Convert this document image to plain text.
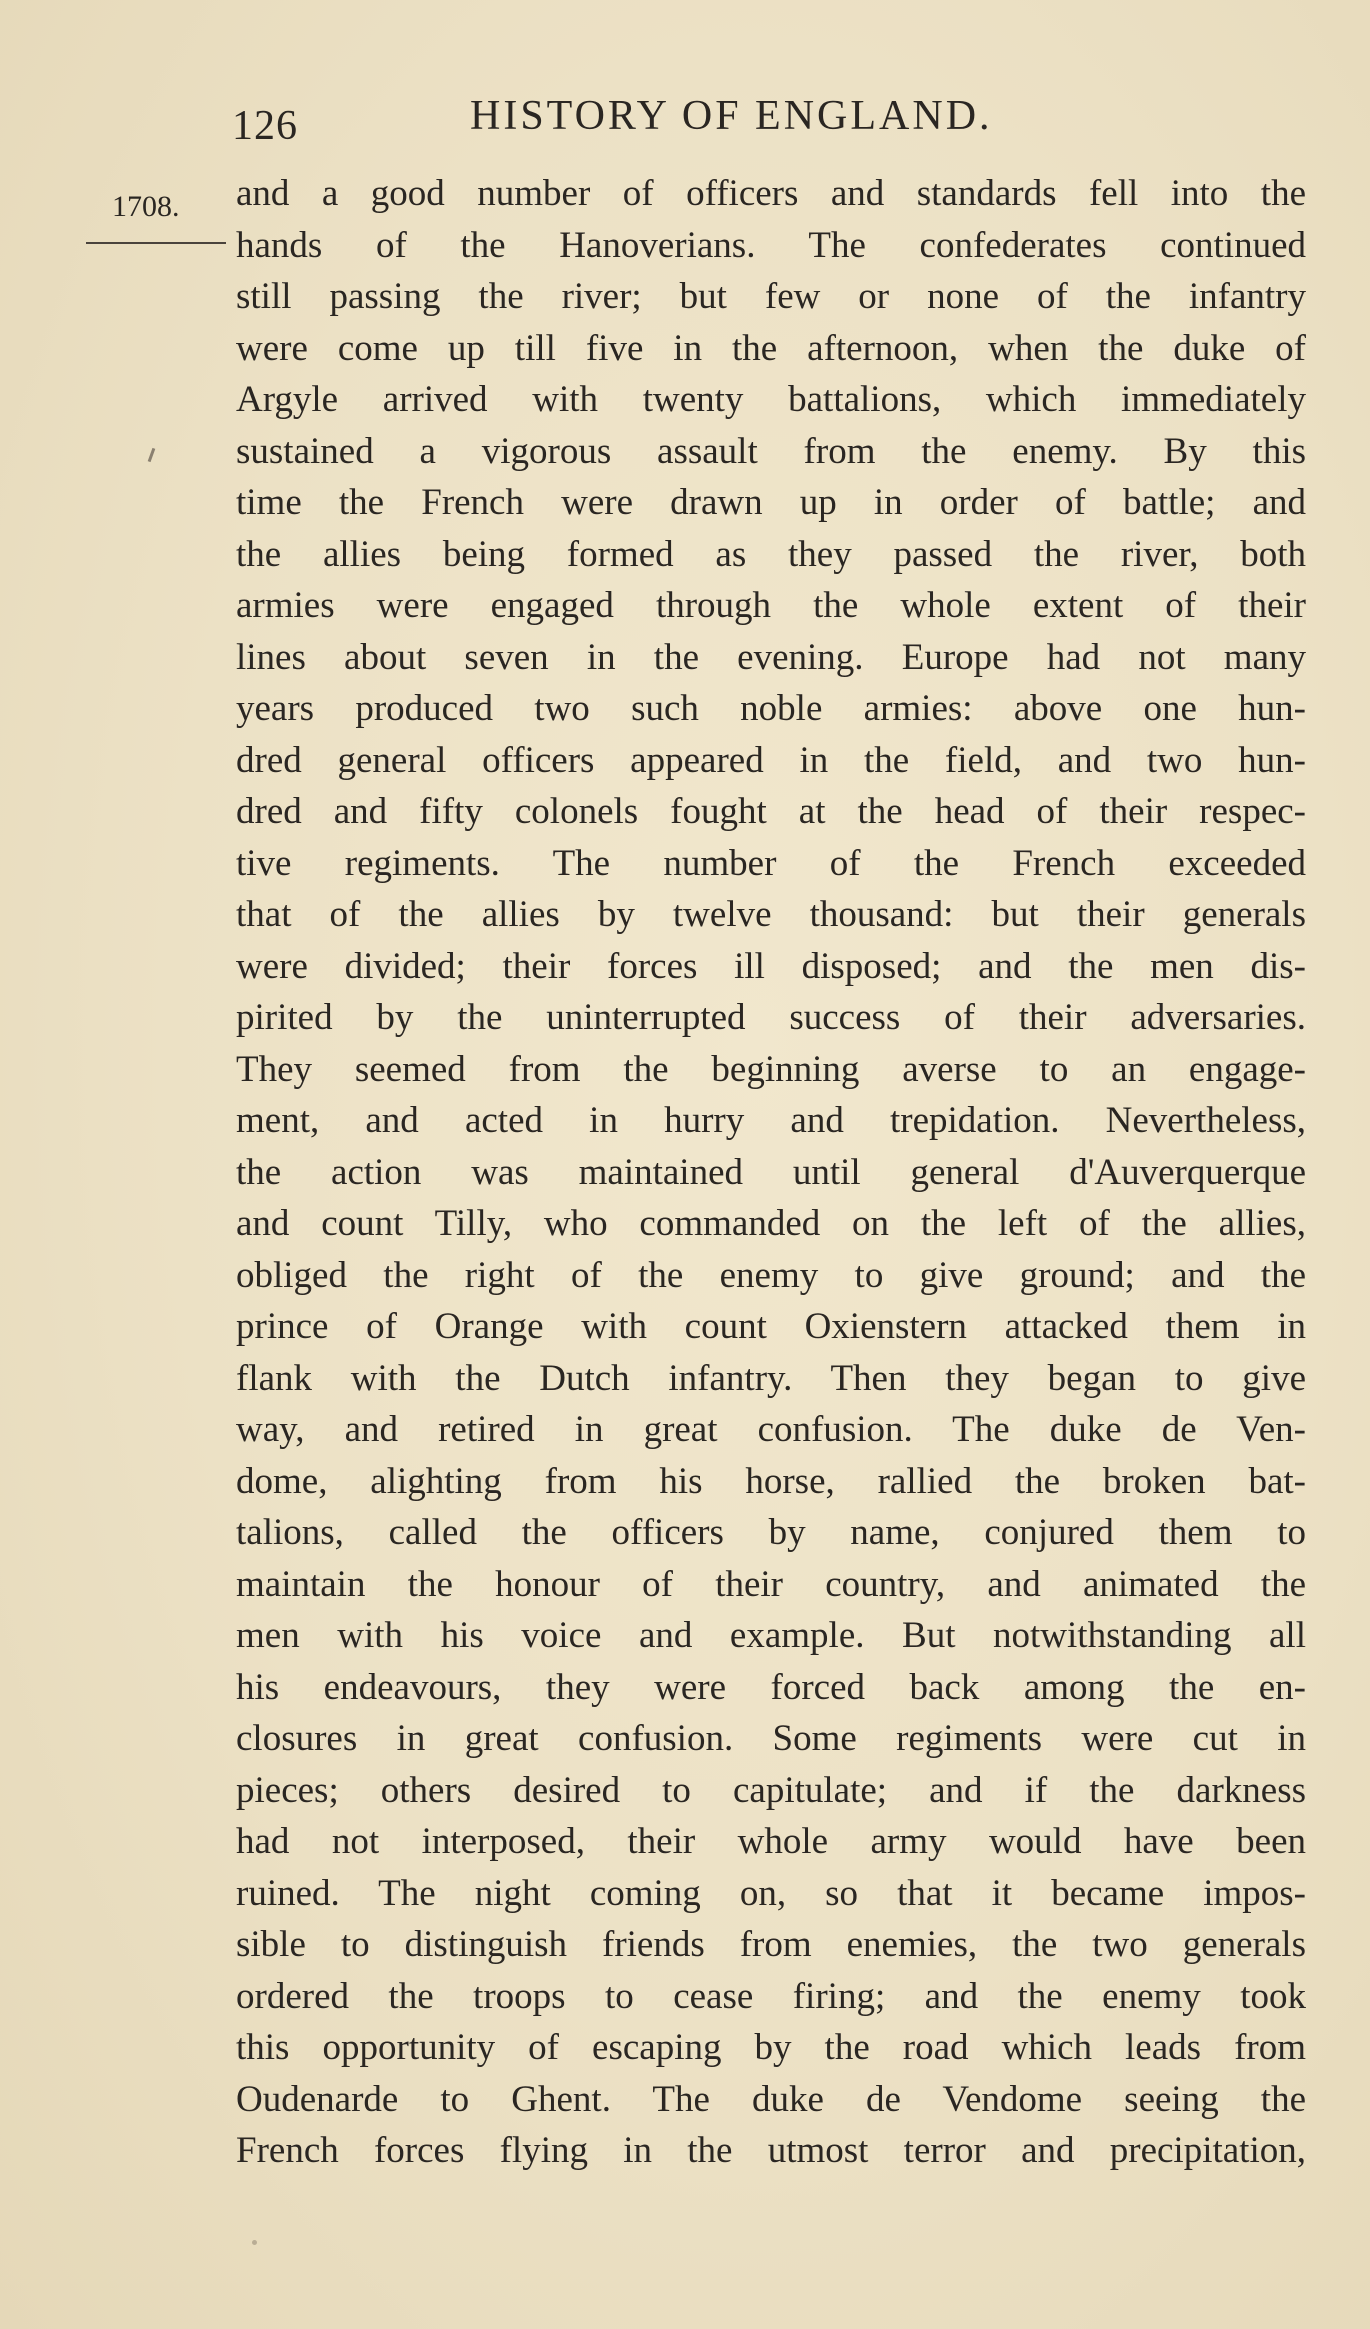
126	HISTORY OF ENGLAND.
1708. and a good number of officers and standards fell into the
hands of the Hanoverians. The confederates continued
still passing the river; but few or none of the infantry
were come up till five in the afternoon, when the duke of
Argyle arrived with twenty battalions, which immediately
sustained a vigorous assault from the enemy. By this
time the French were drawn up in order of battle; and
the allies being formed as they passed the river, both
armies were engaged through the whole extent of their
lines about seven in the evening. Europe had not many
years produced two such noble armies: above one hun-
dred general officers appeared in the field, and two hun-
dred and fifty colonels fought at the head of their respec-
tive regiments. The number of the French exceeded
that of the allies by twelve thousand: but their generals
were divided; their forces ill disposed; and the men dis-
pirited by the uninterrupted success of their adversaries.
They seemed from the beginning averse to an engage-
ment, and acted in hurry and trepidation. Nevertheless,
the action was maintained until general d'Auverquerque
and count Tilly, who commanded on the left of the allies,
obliged the right of the enemy to give ground; and the
prince of Orange with count Oxienstern attacked them in
flank with the Dutch infantry. Then they began to give
way, and retired in great confusion. The duke de Ven-
dome, alighting from his horse, rallied the broken bat-
talions, called the officers by name, conjured them to
maintain the honour of their country, and animated the
men with his voice and example. But notwithstanding all
his endeavours, they were forced back among the en-
closures in great confusion. Some regiments were cut in
pieces; others desired to capitulate; and if the darkness
had not interposed, their whole army would have been
ruined. The night coming on, so that it became impos-
sible to distinguish friends from enemies, the two generals
ordered the troops to cease firing; and the enemy took
this opportunity of escaping by the road which leads from
Oudenarde to Ghent. The duke de Vendome seeing the
French forces flying in the utmost terror and precipitation,
